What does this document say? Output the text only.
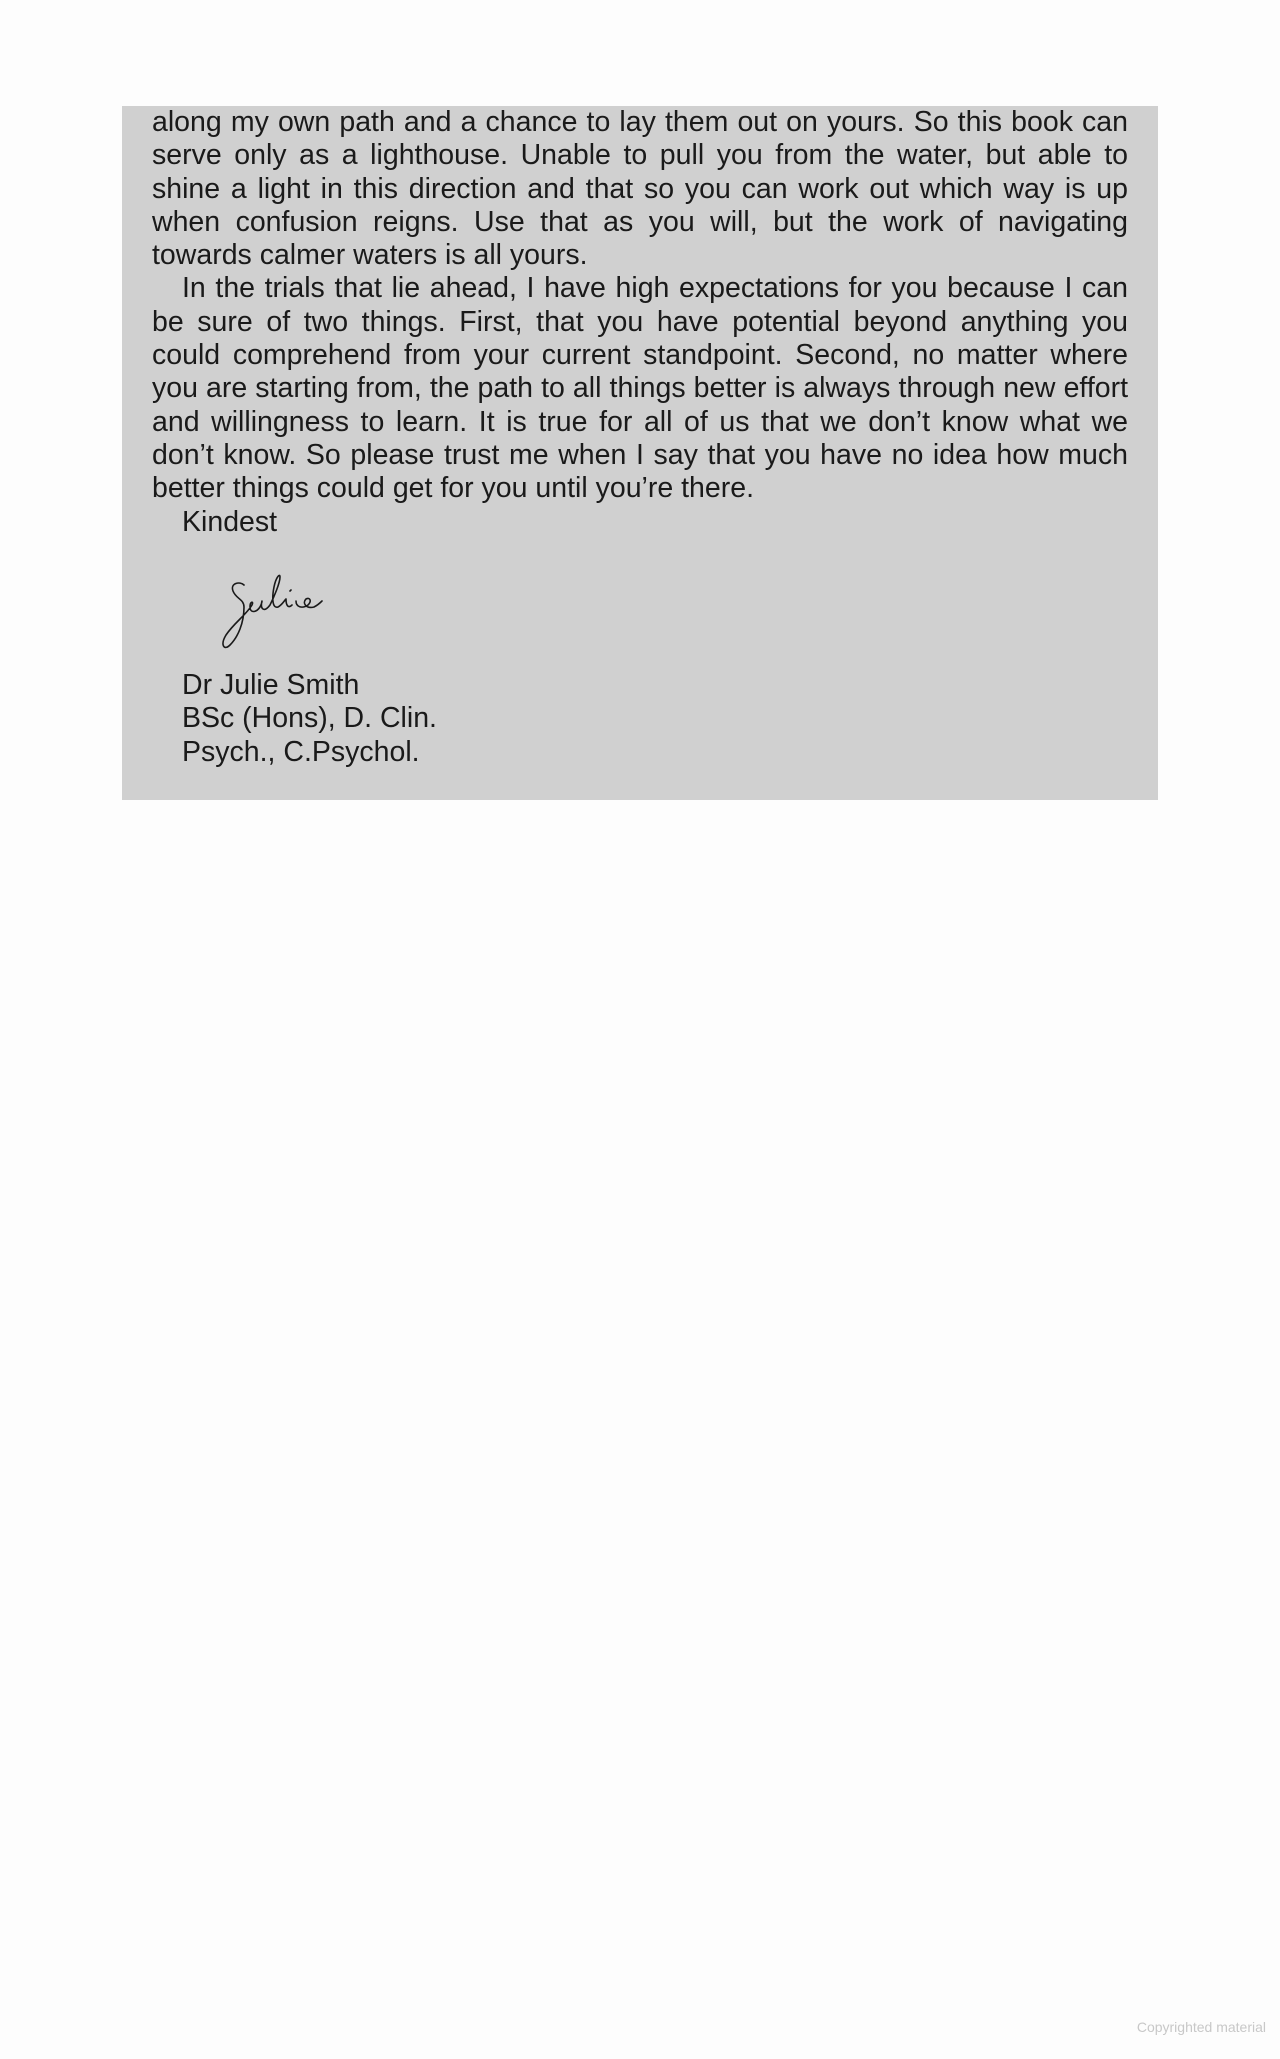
along my own path and a chance to lay them out on yours. So this book can serve only as a lighthouse. Unable to pull you from the water, but able to shine a light in this direction and that so you can work out which way is up when confusion reigns. Use that as you will, but the work of navigating towards calmer waters is all yours.

In the trials that lie ahead, I have high expectations for you because I can be sure of two things. First, that you have potential beyond anything you could comprehend from your current standpoint. Second, no matter where you are starting from, the path to all things better is always through new effort and willingness to learn. It is true for all of us that we don’t know what we don’t know. So please trust me when I say that you have no idea how much better things could get for you until you’re there.

Kindest

Dr Julie Smith
BSc (Hons), D. Clin.
Psych., C.Psychol.
Copyrighted material
